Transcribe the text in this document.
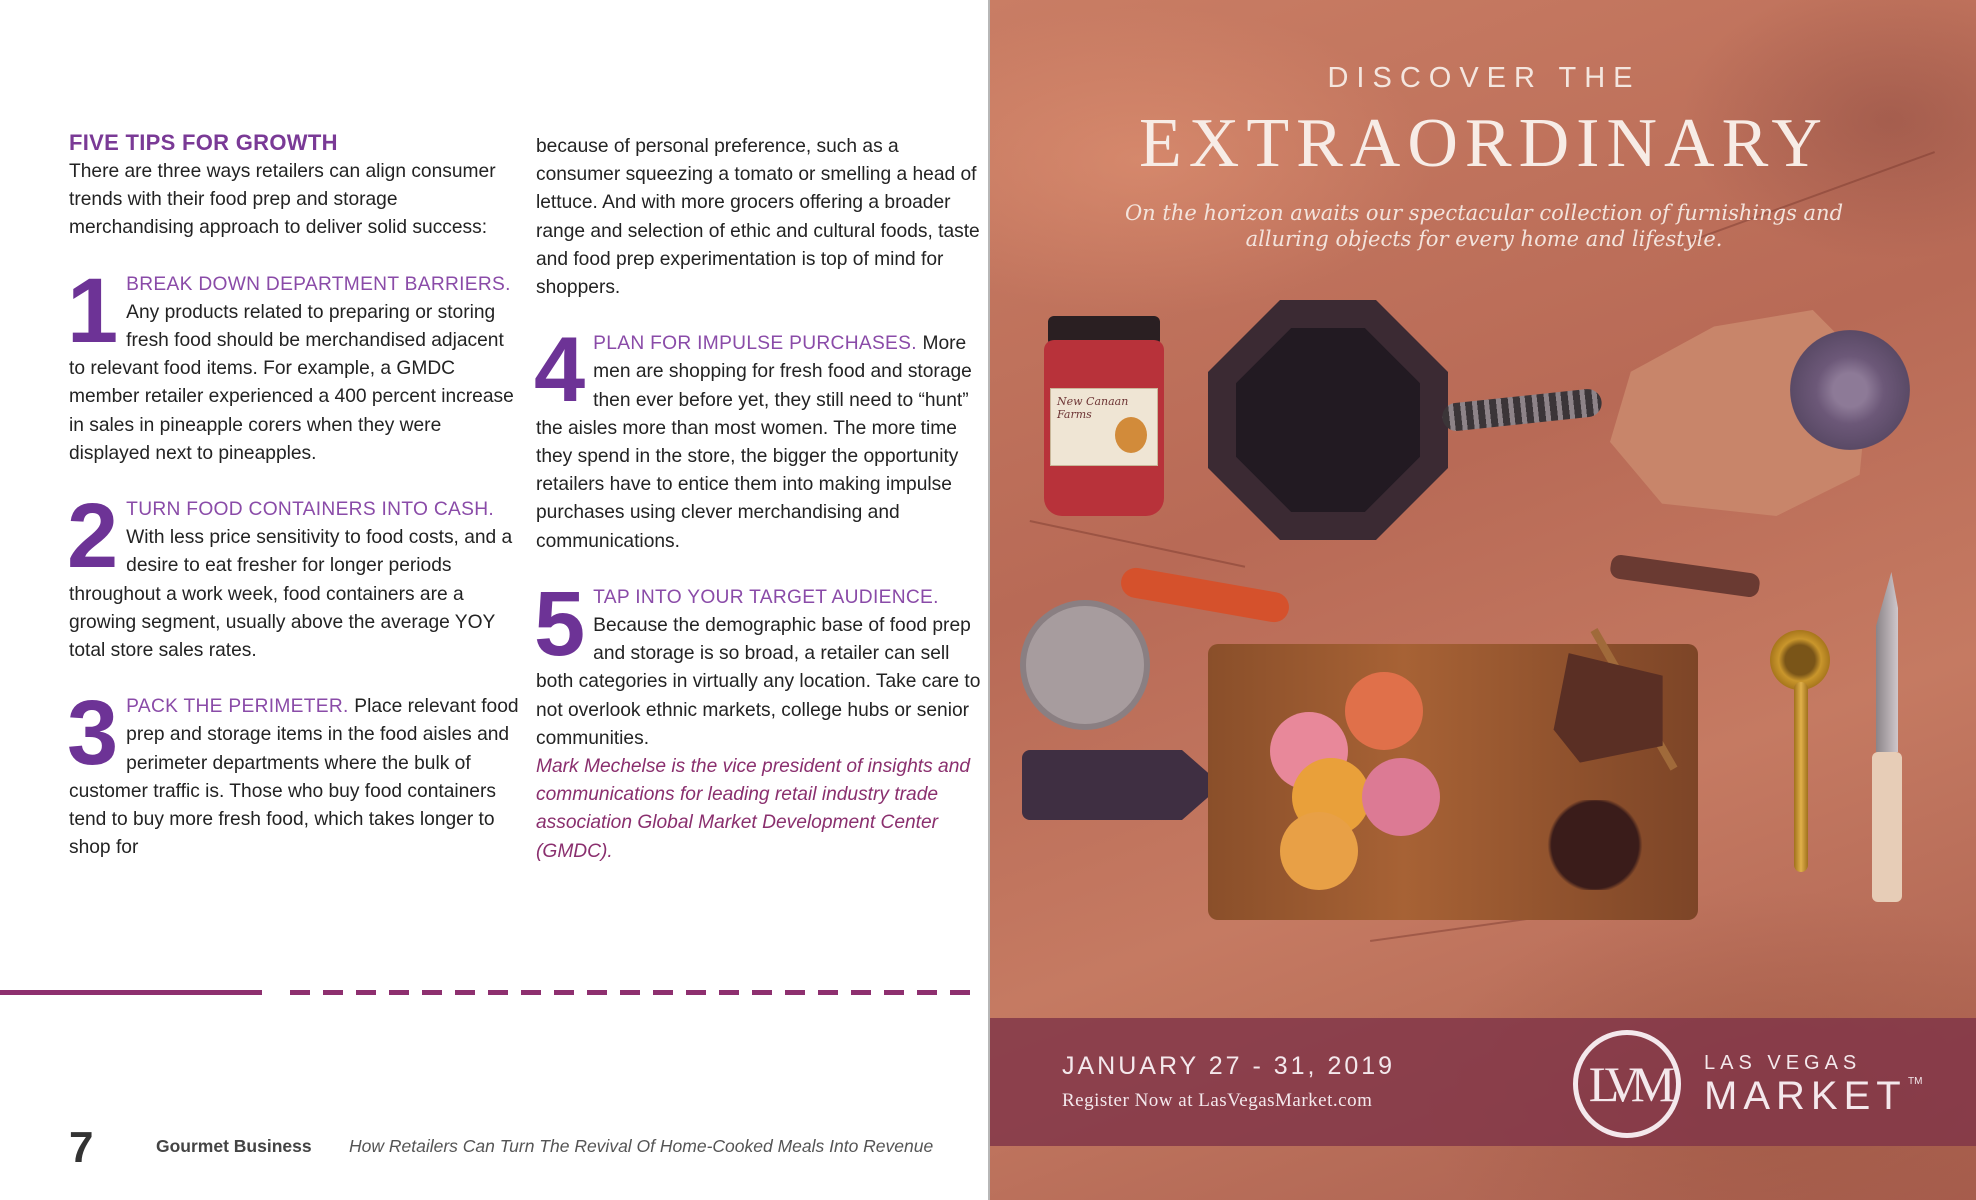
FIVE TIPS FOR GROWTH

There are three ways retailers can align consumer trends with their food prep and storage merchandising approach to deliver solid success:

1 BREAK DOWN DEPARTMENT BARRIERS. Any products related to preparing or storing fresh food should be merchandised adjacent to relevant food items. For example, a GMDC member retailer experienced a 400 percent increase in sales in pineapple corers when they were displayed next to pineapples.
2 TURN FOOD CONTAINERS INTO CASH. With less price sensitivity to food costs, and a desire to eat fresher for longer periods throughout a work week, food containers are a growing segment, usually above the average YOY total store sales rates.
3 PACK THE PERIMETER. Place relevant food prep and storage items in the food aisles and perimeter departments where the bulk of customer traffic is. Those who buy food containers tend to buy more fresh food, which takes longer to shop for

because of personal preference, such as a consumer squeezing a tomato or smelling a head of lettuce. And with more grocers offering a broader range and selection of ethic and cultural foods, taste and food prep experimentation is top of mind for shoppers.

4 PLAN FOR IMPULSE PURCHASES. More men are shopping for fresh food and storage then ever before yet, they still need to “hunt” the aisles more than most women. The more time they spend in the store, the bigger the opportunity retailers have to entice them into making impulse purchases using clever merchandising and communications.
5 TAP INTO YOUR TARGET AUDIENCE. Because the demographic base of food prep and storage is so broad, a retailer can sell both categories in virtually any location. Take care to not overlook ethnic markets, college hubs or senior communities.

Mark Mechelse is the vice president of insights and communications for leading retail industry trade association Global Market Development Center (GMDC).

7	Gourmet Business How Retailers Can Turn The Revival Of Home-Cooked Meals Into Revenue
DISCOVER THE
EXTRAORDINARY
On the horizon awaits our spectacular collection of furnishings and alluring objects for every home and lifestyle.
New Canaan Farms
JANUARY 27 - 31, 2019
Register Now at LasVegasMarket.com	LVM LAS VEGAS
MARKET TM
